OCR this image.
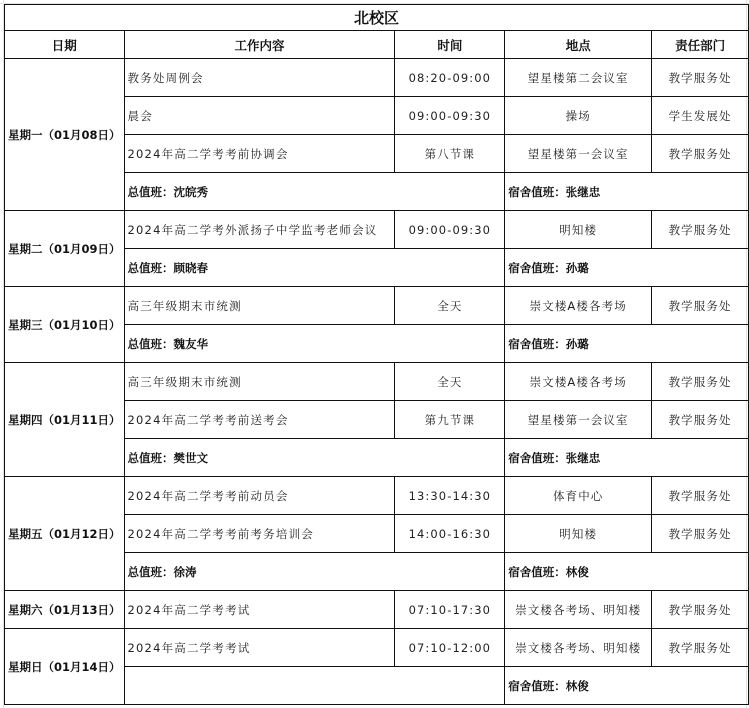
北校区				
日期	工作内容	时间	地点	责任部门
星期一（01月08日）	教务处周例会	08:20-09:00	望星楼第二会议室	教学服务处
	晨会	09:00-09:30	操场	学生发展处
	2024年高二学考考前协调会	第八节课	望星楼第一会议室	教学服务处
	总值班：沈皖秀		宿舍值班：张继忠	
星期二（01月09日）	2024年高二学考外派扬子中学监考老师会议	09:00-09:30	明知楼	教学服务处
	总值班：顾晓春		宿舍值班：孙璐	
星期三（01月10日）	高三年级期末市统测	全天	崇文楼A楼各考场	教学服务处
	总值班：魏友华		宿舍值班：孙璐	
星期四（01月11日）	高三年级期末市统测	全天	崇文楼A楼各考场	教学服务处
	2024年高二学考考前送考会	第九节课	望星楼第一会议室	教学服务处
	总值班：樊世文		宿舍值班：张继忠	
星期五（01月12日）	2024年高二学考考前动员会	13:30-14:30	体育中心	教学服务处
	2024年高二学考考前考务培训会	14:00-16:30	明知楼	教学服务处
	总值班：徐涛		宿舍值班：林俊	
星期六（01月13日）	2024年高二学考考试	07:10-17:30	崇文楼各考场、明知楼	教学服务处
星期日（01月14日）	2024年高二学考考试	07:10-12:00	崇文楼各考场、明知楼	教学服务处
			宿舍值班：林俊	
